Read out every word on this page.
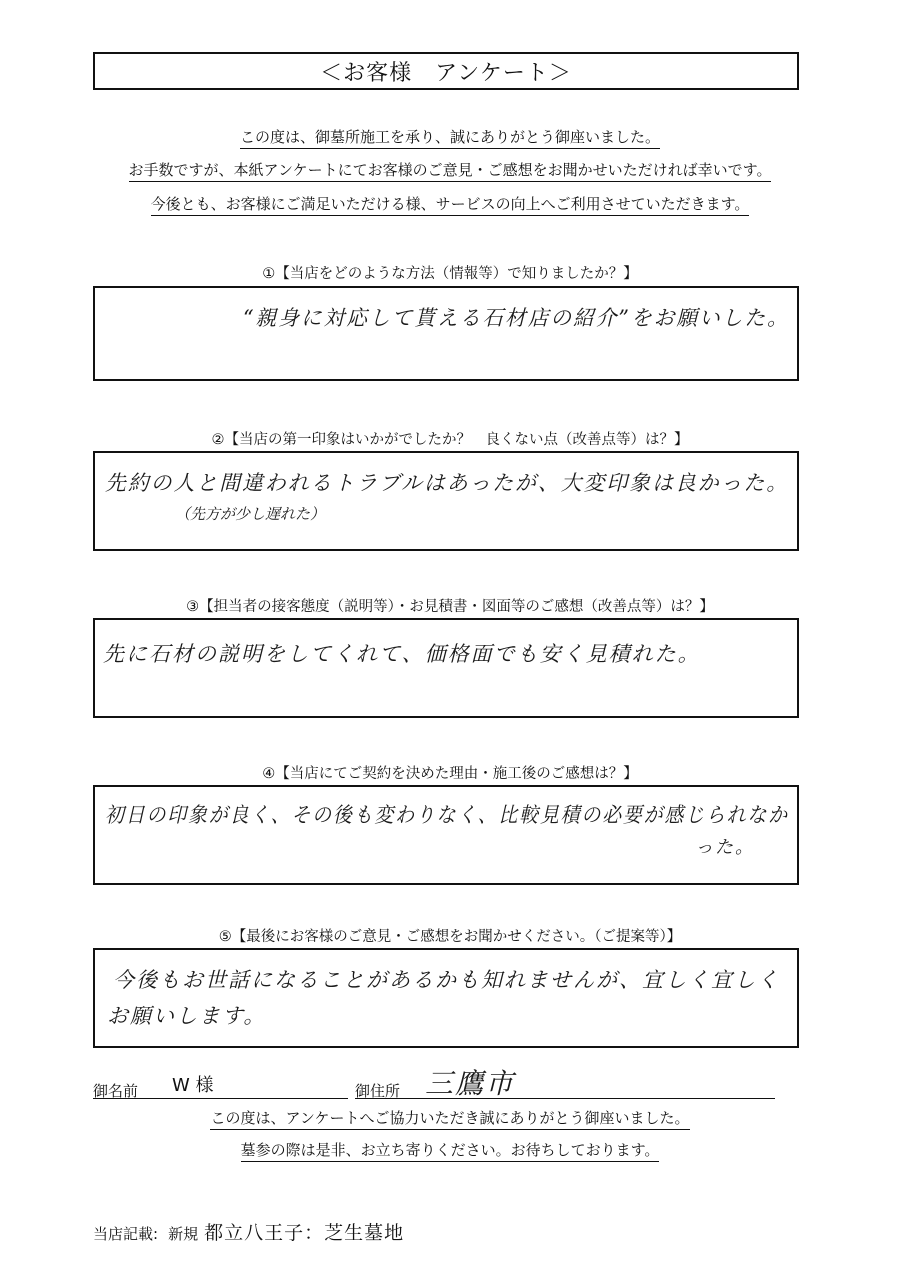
＜お客様　アンケート＞
この度は、御墓所施工を承り、誠にありがとう御座いました。
お手数ですが、本紙アンケートにてお客様のご意見・ご感想をお聞かせいただければ幸いです。
今後とも、お客様にご満足いただける様、サービスの向上へご利用させていただきます。
①【当店をどのような方法（情報等）で知りましたか？】
“親身に対応して貰える石材店の紹介”をお願いした。
②【当店の第一印象はいかがでしたか？　良くない点（改善点等）は？】
先約の人と間違われるトラブルはあったが、大変印象は良かった。
（先方が少し遅れた）
③【担当者の接客態度（説明等）・お見積書・図面等のご感想（改善点等）は？】
先に石材の説明をしてくれて、価格面でも安く見積れた。
④【当店にてご契約を決めた理由・施工後のご感想は？】
初日の印象が良く、その後も変わりなく、比較見積の必要が感じられなか
った。
⑤【最後にお客様のご意見・ご感想をお聞かせください。（ご提案等）】
今後もお世話になることがあるかも知れませんが、宜しく宜しく
お願いします。
御名前 W 様	御住所 三鷹市
この度は、アンケートへご協力いただき誠にありがとう御座いました。
墓参の際は是非、お立ち寄りください。お待ちしております。
当店記載: 新規 都立八王子：芝生墓地
